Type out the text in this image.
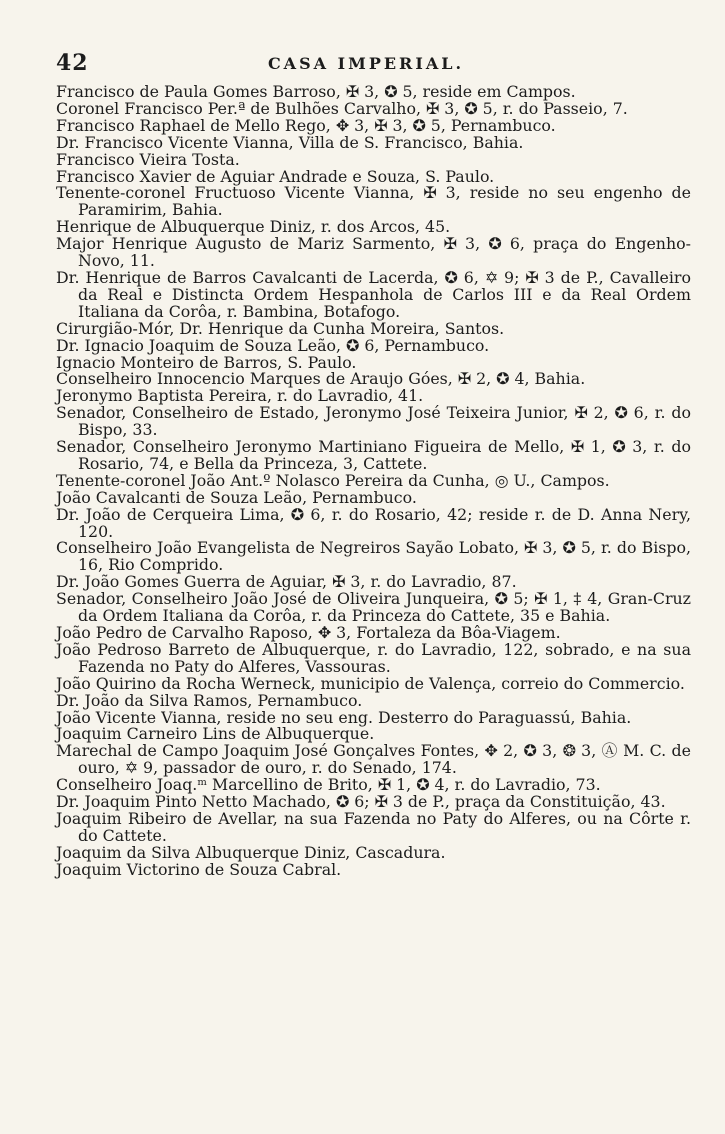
42	CASA IMPERIAL.
Francisco de Paula Gomes Barroso, ✠ 3, ✪ 5, reside em Campos.
Coronel Francisco Per.ª de Bulhões Carvalho, ✠ 3, ✪ 5, r. do Passeio, 7.
Francisco Raphael de Mello Rego, ✥ 3, ✠ 3, ✪ 5, Pernambuco.
Dr. Francisco Vicente Vianna, Villa de S. Francisco, Bahia.
Francisco Vieira Tosta.
Francisco Xavier de Aguiar Andrade e Souza, S. Paulo.
Tenente-coronel Fructuoso Vicente Vianna, ✠ 3, reside no seu engenho de Paramirim, Bahia.
Henrique de Albuquerque Diniz, r. dos Arcos, 45.
Major Henrique Augusto de Mariz Sarmento, ✠ 3, ✪ 6, praça do Engenho-Novo, 11.
Dr. Henrique de Barros Cavalcanti de Lacerda, ✪ 6, ✡ 9; ✠ 3 de P., Cavalleiro da Real e Distincta Ordem Hespanhola de Carlos III e da Real Ordem Italiana da Corôa, r. Bambina, Botafogo.
Cirurgião-Mór, Dr. Henrique da Cunha Moreira, Santos.
Dr. Ignacio Joaquim de Souza Leão, ✪ 6, Pernambuco.
Ignacio Monteiro de Barros, S. Paulo.
Conselheiro Innocencio Marques de Araujo Góes, ✠ 2, ✪ 4, Bahia.
Jeronymo Baptista Pereira, r. do Lavradio, 41.
Senador, Conselheiro de Estado, Jeronymo José Teixeira Junior, ✠ 2, ✪ 6, r. do Bispo, 33.
Senador, Conselheiro Jeronymo Martiniano Figueira de Mello, ✠ 1, ✪ 3, r. do Rosario, 74, e Bella da Princeza, 3, Cattete.
Tenente-coronel João Ant.º Nolasco Pereira da Cunha, ◎ U., Campos.
João Cavalcanti de Souza Leão, Pernambuco.
Dr. João de Cerqueira Lima, ✪ 6, r. do Rosario, 42; reside r. de D. Anna Nery, 120.
Conselheiro João Evangelista de Negreiros Sayão Lobato, ✠ 3, ✪ 5, r. do Bispo, 16, Rio Comprido.
Dr. João Gomes Guerra de Aguiar, ✠ 3, r. do Lavradio, 87.
Senador, Conselheiro João José de Oliveira Junqueira, ✪ 5; ✠ 1, ‡ 4, Gran-Cruz da Ordem Italiana da Corôa, r. da Princeza do Cattete, 35 e Bahia.
João Pedro de Carvalho Raposo, ✥ 3, Fortaleza da Bôa-Viagem.
João Pedroso Barreto de Albuquerque, r. do Lavradio, 122, sobrado, e na sua Fazenda no Paty do Alferes, Vassouras.
João Quirino da Rocha Werneck, municipio de Valença, correio do Commercio.
Dr. João da Silva Ramos, Pernambuco.
João Vicente Vianna, reside no seu eng. Desterro do Paraguassú, Bahia.
Joaquim Carneiro Lins de Albuquerque.
Marechal de Campo Joaquim José Gonçalves Fontes, ✥ 2, ✪ 3, ❂ 3, Ⓐ M. C. de ouro, ✡ 9, passador de ouro, r. do Senado, 174.
Conselheiro Joaq.ᵐ Marcellino de Brito, ✠ 1, ✪ 4, r. do Lavradio, 73.
Dr. Joaquim Pinto Netto Machado, ✪ 6; ✠ 3 de P., praça da Constituição, 43.
Joaquim Ribeiro de Avellar, na sua Fazenda no Paty do Alferes, ou na Côrte r. do Cattete.
Joaquim da Silva Albuquerque Diniz, Cascadura.
Joaquim Victorino de Souza Cabral.
